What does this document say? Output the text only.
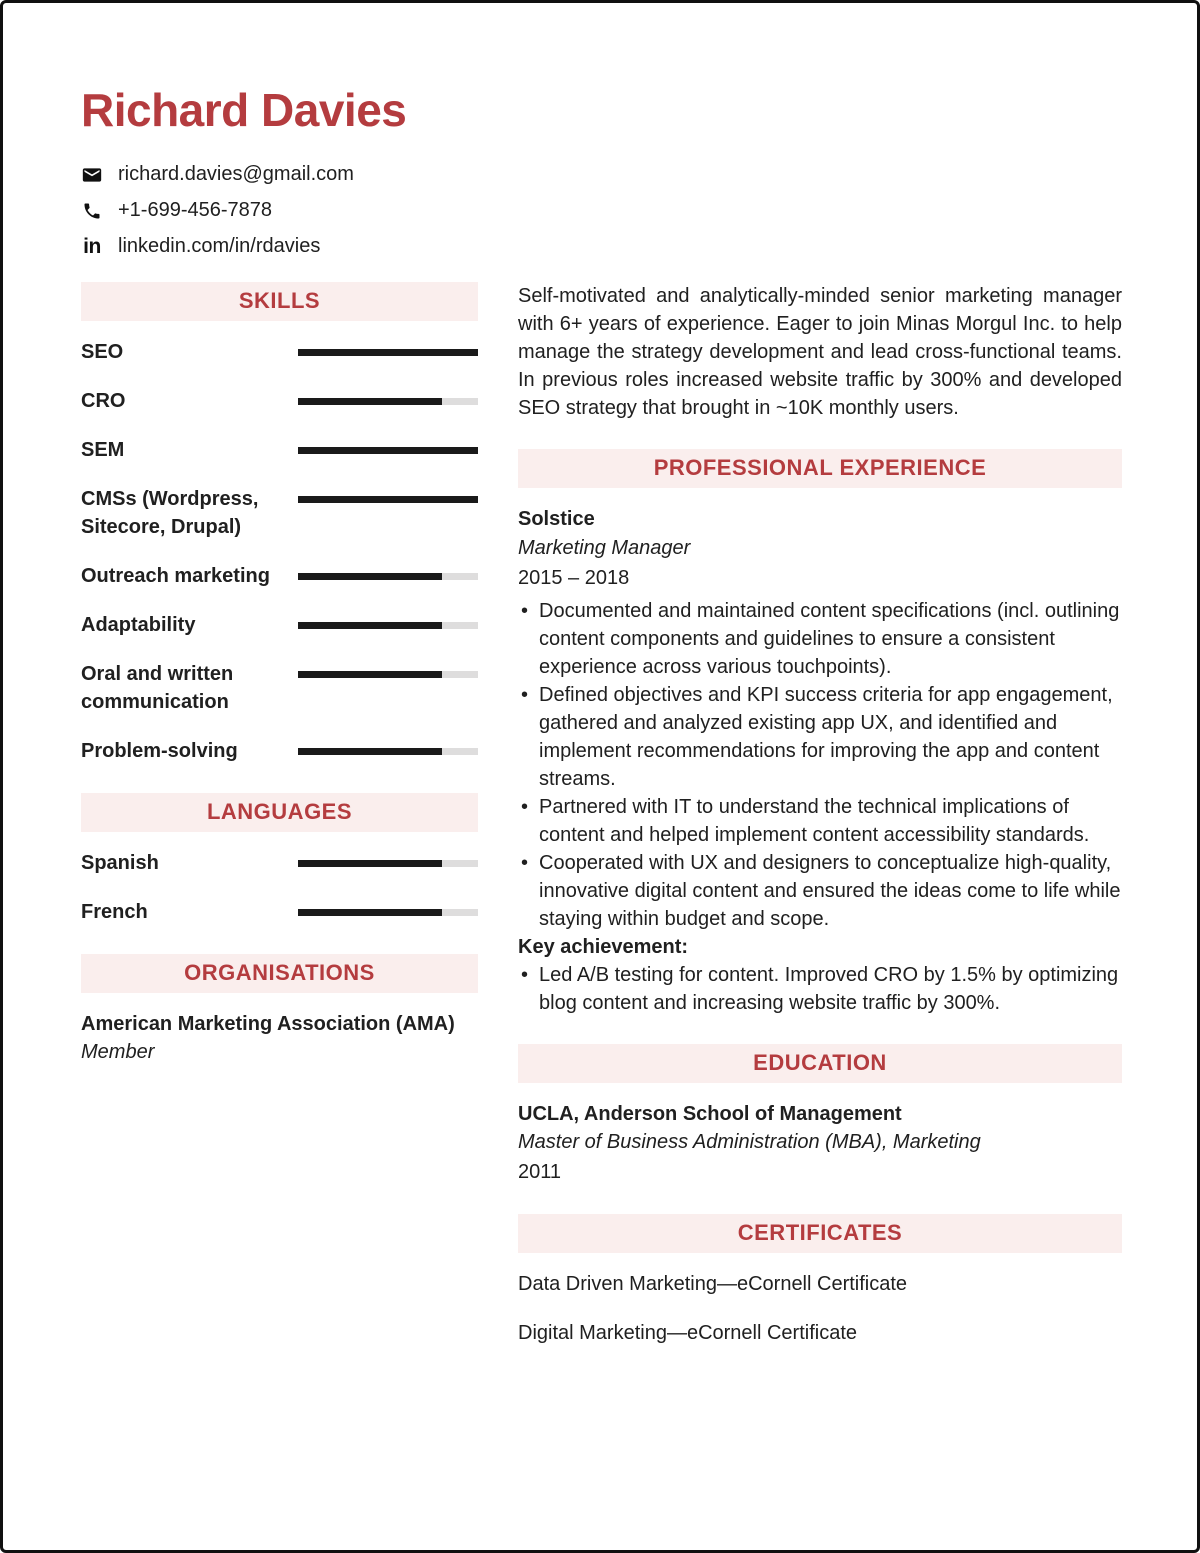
Richard Davies
richard.davies@gmail.com
+1-699-456-7878
in linkedin.com/in/rdavies
SKILLS
SEO
CRO
SEM
CMSs (Wordpress, Sitecore, Drupal)
Outreach marketing
Adaptability
Oral and written communication
Problem-solving
LANGUAGES
Spanish
French
ORGANISATIONS
American Marketing Association (AMA)
Member

Self-motivated and analytically-minded senior marketing manager with 6+ years of experience. Eager to join Minas Morgul Inc. to help manage the strategy development and lead cross-functional teams. In previous roles increased website traffic by 300% and developed SEO strategy that brought in ~10K monthly users.

PROFESSIONAL EXPERIENCE
Solstice
Marketing Manager
2015 – 2018
• Documented and maintained content specifications (incl. outlining content components and guidelines to ensure a consistent experience across various touchpoints).
• Defined objectives and KPI success criteria for app engagement, gathered and analyzed existing app UX, and identified and implement recommendations for improving the app and content streams.
• Partnered with IT to understand the technical implications of content and helped implement content accessibility standards.
• Cooperated with UX and designers to conceptualize high-quality, innovative digital content and ensured the ideas come to life while staying within budget and scope.
Key achievement:
• Led A/B testing for content. Improved CRO by 1.5% by optimizing blog content and increasing website traffic by 300%.
EDUCATION
UCLA, Anderson School of Management
Master of Business Administration (MBA), Marketing
2011
CERTIFICATES
Data Driven Marketing—eCornell Certificate
Digital Marketing—eCornell Certificate
